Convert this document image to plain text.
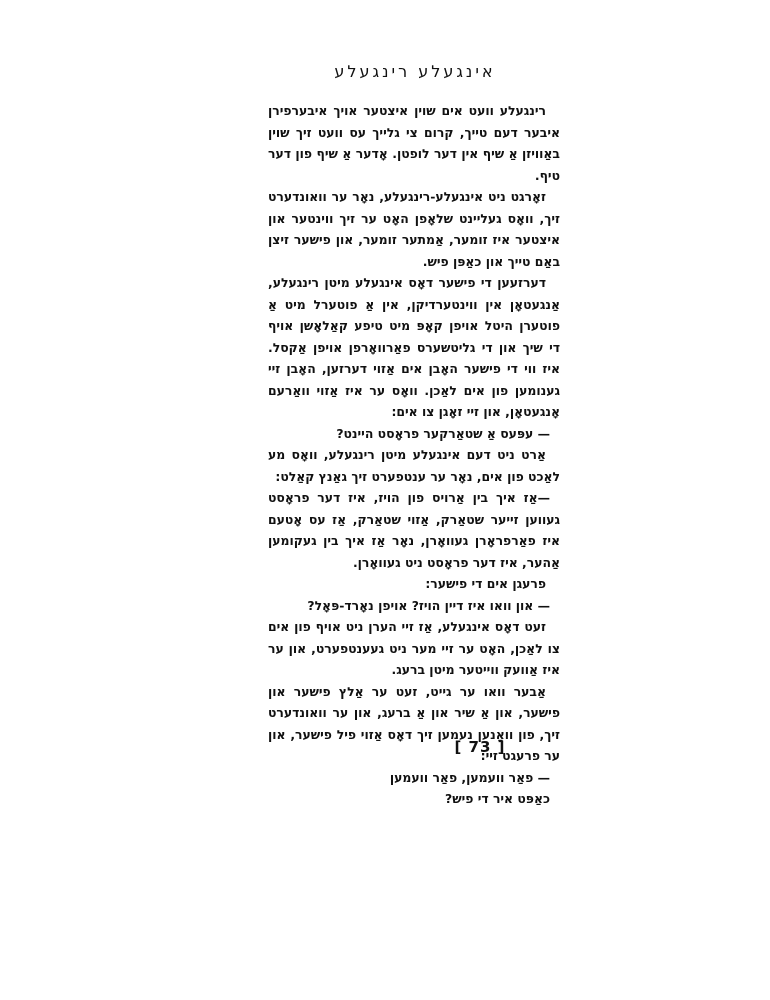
אינגעלע רינגעלע

רינגעלע וועט אים שוין איצטער אויך איבערפירן איבער דעם טייך, קרום צי גלייך עס וועט זיך שוין באַוויזן אַ שיף אין דער לופטן. אָדער אַ שיף פון דער טיף.

זאָרגט ניט אינגעלע-רינגעלע, נאָר ער וואונדערט זיך, וואָס געליינט שלאָפן האָט ער זיך ווינטער און איצטער איז זומער, אַמתער זומער, און פישער זיצן באַם טייך און כאַפּן פיש.

דערזעען די פישער דאָס אינגעלע מיטן רינגעלע, אַנגעטאָן אין ווינטערדיקן, אין אַ פוטערל מיט אַ פוטערן היטל אויפן קאָפּ מיט טיפע קאַלאָשן אויף די שיך און די גליטשערס פאַרוואָרפן אויפן אַקסל. איז ווי די פישער האָבן אים אַזוי דערזען, האָבן זיי גענומען פון אים לאַכן. וואָס ער איז אַזוי וואַרעם אָנגעטאָן, און זיי זאָגן צו אים:

— עפּעס אַ שטאַרקער פראָסט היינט?

אַרט ניט דעם אינגעלע מיטן רינגעלע, וואָס מע לאַכט פון אים, נאָר ער ענטפערט זיך גאַנץ קאַלט:

—אַז איך בין אַרויס פון הויז, איז דער פראָסט געווען זייער שטאַרק, אַזוי שטאַרק, אַז עס אָטעם איז פאַרפראָרן געוואָרן, נאָר אַז איך בין געקומען אַהער, איז דער פראָסט ניט געוואָרן.

פרעגן אים די פישער:

— און וואו איז דיין הויז? אויפן נאָרד-פּאָל?

זעט דאָס אינגעלע, אַז זיי הערן ניט אויף פון אים צו לאַכן, האָט ער זיי מער ניט געענטפערט, און ער איז אַוועק ווייטער מיטן ברעג.

אַבער וואו ער גייט, זעט ער אַלץ פישער און פישער, און אַ שיר און אַ ברעג, און ער וואונדערט זיך, פון וואַנען נעמען זיך דאָס אַזוי פיל פישער, און ער פרעגט זיי:

— פאַר וועמען, פאַר וועמען

כאַפּט איר די פיש?

[ 73 ]
